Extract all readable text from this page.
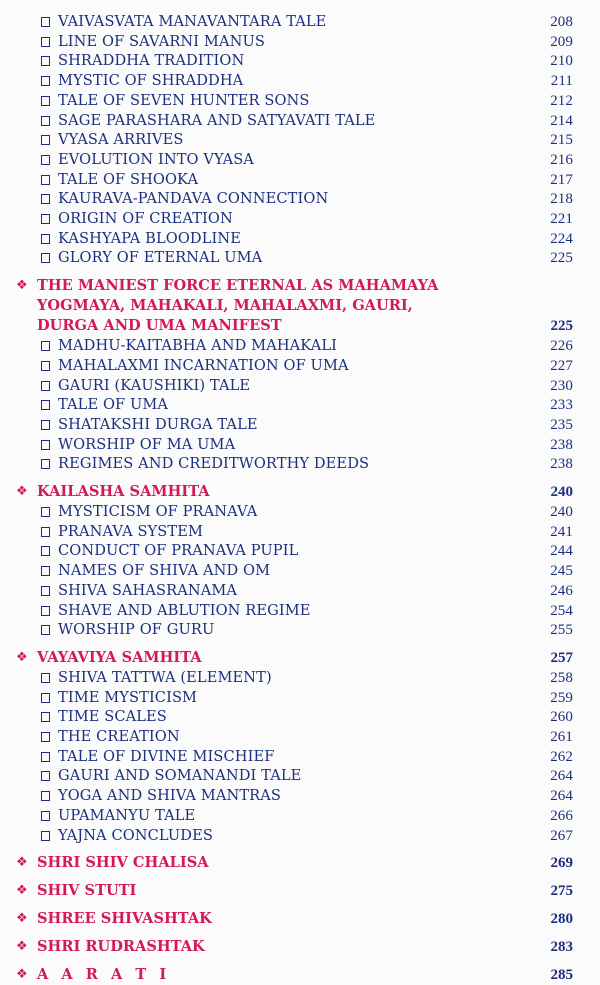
VAIVASVATA MANAVANTARA TALE	208
LINE OF SAVARNI MANUS	209
SHRADDHA TRADITION	210
MYSTIC OF SHRADDHA	211
TALE OF SEVEN HUNTER SONS	212
SAGE PARASHARA AND SATYAVATI TALE	214
VYASA ARRIVES	215
EVOLUTION INTO VYASA	216
TALE OF SHOOKA	217
KAURAVA-PANDAVA CONNECTION	218
ORIGIN OF CREATION	221
KASHYAPA BLOODLINE	224
GLORY OF ETERNAL UMA	225
❖ THE MANIEST FORCE ETERNAL AS MAHAMAYA
YOGMAYA, MAHAKALI, MAHALAXMI, GAURI,
DURGA AND UMA MANIFEST	225
MADHU-KAITABHA AND MAHAKALI	226
MAHALAXMI INCARNATION OF UMA	227
GAURI (KAUSHIKI) TALE	230
TALE OF UMA	233
SHATAKSHI DURGA TALE	235
WORSHIP OF MA UMA	238
REGIMES AND CREDITWORTHY DEEDS	238
❖ KAILASHA SAMHITA	240
MYSTICISM OF PRANAVA	240
PRANAVA SYSTEM	241
CONDUCT OF PRANAVA PUPIL	244
NAMES OF SHIVA AND OM	245
SHIVA SAHASRANAMA	246
SHAVE AND ABLUTION REGIME	254
WORSHIP OF GURU	255
❖ VAYAVIYA SAMHITA	257
SHIVA TATTWA (ELEMENT)	258
TIME MYSTICISM	259
TIME SCALES	260
THE CREATION	261
TALE OF DIVINE MISCHIEF	262
GAURI AND SOMANANDI TALE	264
YOGA AND SHIVA MANTRAS	264
UPAMANYU TALE	266
YAJNA CONCLUDES	267
❖ SHRI SHIV CHALISA	269
❖ SHIV STUTI	275
❖ SHREE SHIVASHTAK	280
❖ SHRI RUDRASHTAK	283
❖ A A R A T I	285
